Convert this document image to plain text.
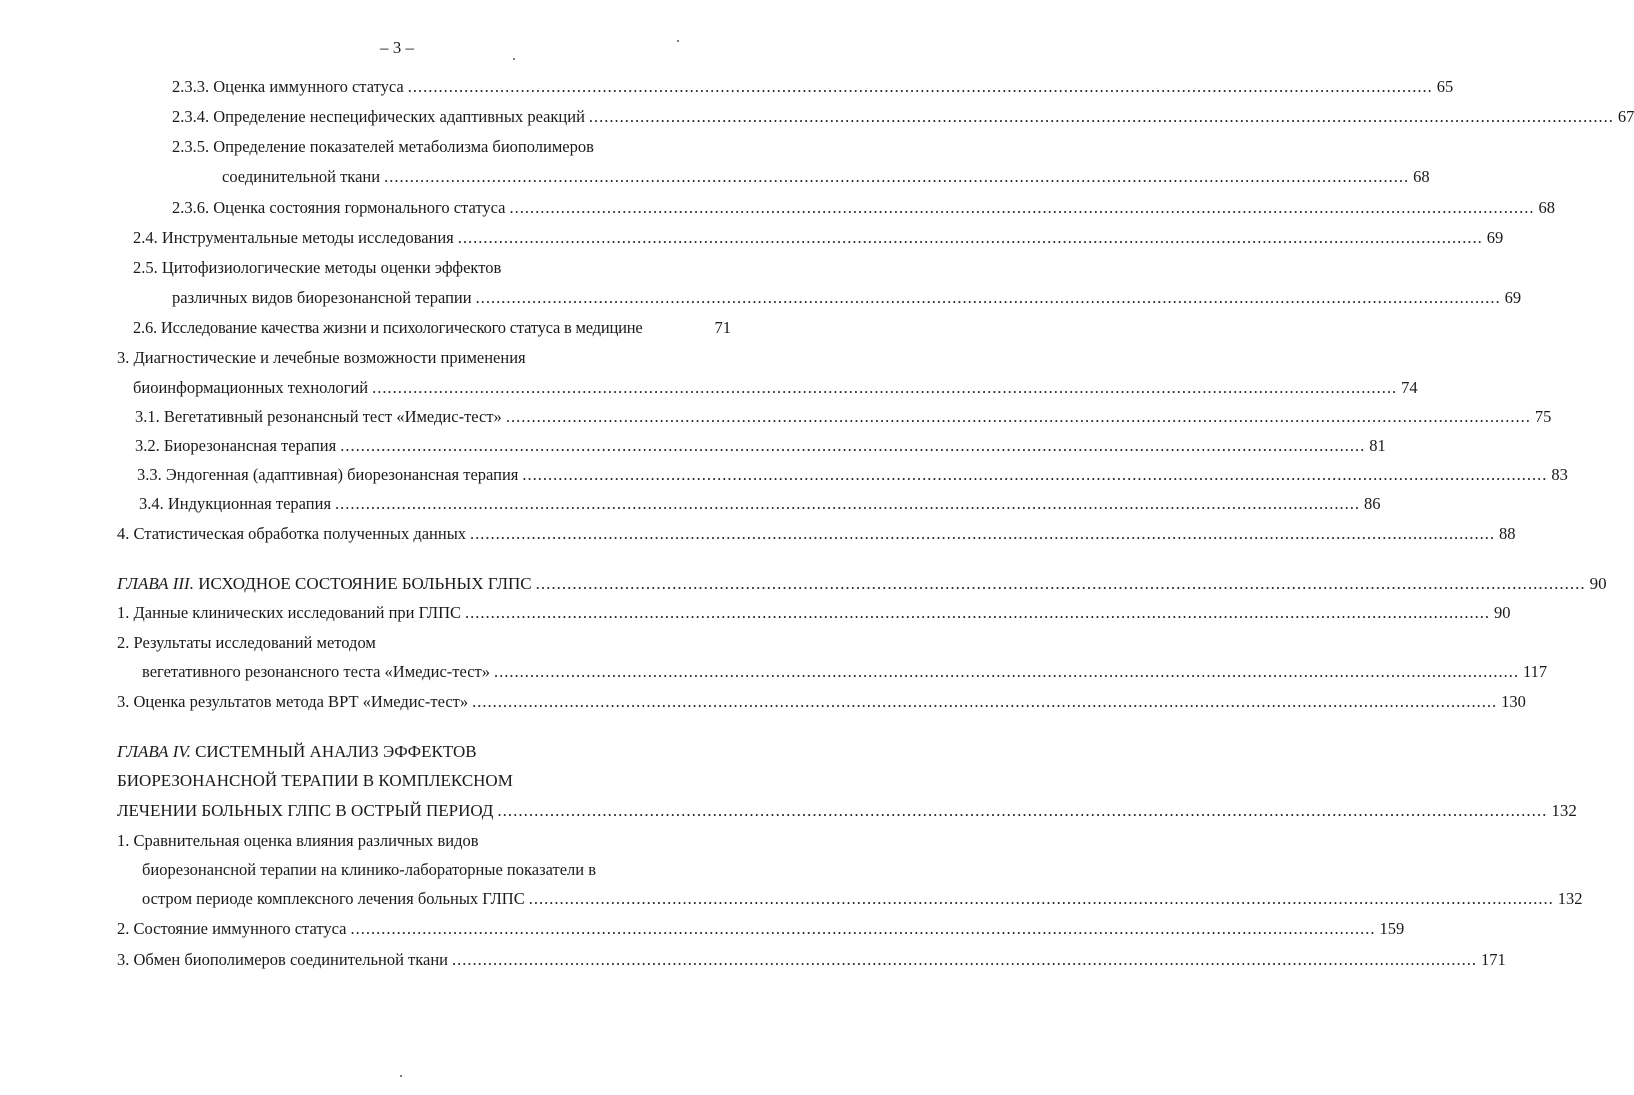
– 3 –
2.3.3. Оценка иммунного статуса ........................................................................................................................................................................................................ 65
2.3.4. Определение неспецифических адаптивных реакций ........................................................................................................................................................................................................ 67
2.3.5. Определение показателей метаболизма биополимеров
соединительной ткани ........................................................................................................................................................................................................ 68
2.3.6. Оценка состояния гормонального статуса ........................................................................................................................................................................................................ 68
2.4. Инструментальные методы исследования ........................................................................................................................................................................................................ 69
2.5. Цитофизиологические методы оценки эффектов
различных видов биорезонансной терапии ........................................................................................................................................................................................................ 69
2.6. Исследование качества жизни и психологического статуса в медицине	71
3. Диагностические и лечебные возможности применения
биоинформационных технологий ........................................................................................................................................................................................................ 74
3.1. Вегетативный резонансный тест «Имедис-тест» ........................................................................................................................................................................................................ 75
3.2. Биорезонансная терапия ........................................................................................................................................................................................................ 81
3.3. Эндогенная (адаптивная) биорезонансная терапия ........................................................................................................................................................................................................ 83
3.4. Индукционная терапия ........................................................................................................................................................................................................ 86
4. Статистическая обработка полученных данных ........................................................................................................................................................................................................ 88
ГЛАВА III. ИСХОДНОЕ СОСТОЯНИЕ БОЛЬНЫХ ГЛПС ........................................................................................................................................................................................................ 90
1. Данные клинических исследований при ГЛПС ........................................................................................................................................................................................................ 90
2. Результаты исследований методом
вегетативного резонансного теста «Имедис-тест» ........................................................................................................................................................................................................ 117
3. Оценка результатов метода ВРТ «Имедис-тест» ........................................................................................................................................................................................................ 130
ГЛАВА IV. СИСТЕМНЫЙ АНАЛИЗ ЭФФЕКТОВ
БИОРЕЗОНАНСНОЙ ТЕРАПИИ В КОМПЛЕКСНОМ
ЛЕЧЕНИИ БОЛЬНЫХ ГЛПС В ОСТРЫЙ ПЕРИОД ........................................................................................................................................................................................................ 132
1. Сравнительная оценка влияния различных видов
биорезонансной терапии на клинико-лабораторные показатели в
остром периоде комплексного лечения больных ГЛПС ........................................................................................................................................................................................................ 132
2. Состояние иммунного статуса ........................................................................................................................................................................................................ 159
3. Обмен биополимеров соединительной ткани ........................................................................................................................................................................................................ 171
